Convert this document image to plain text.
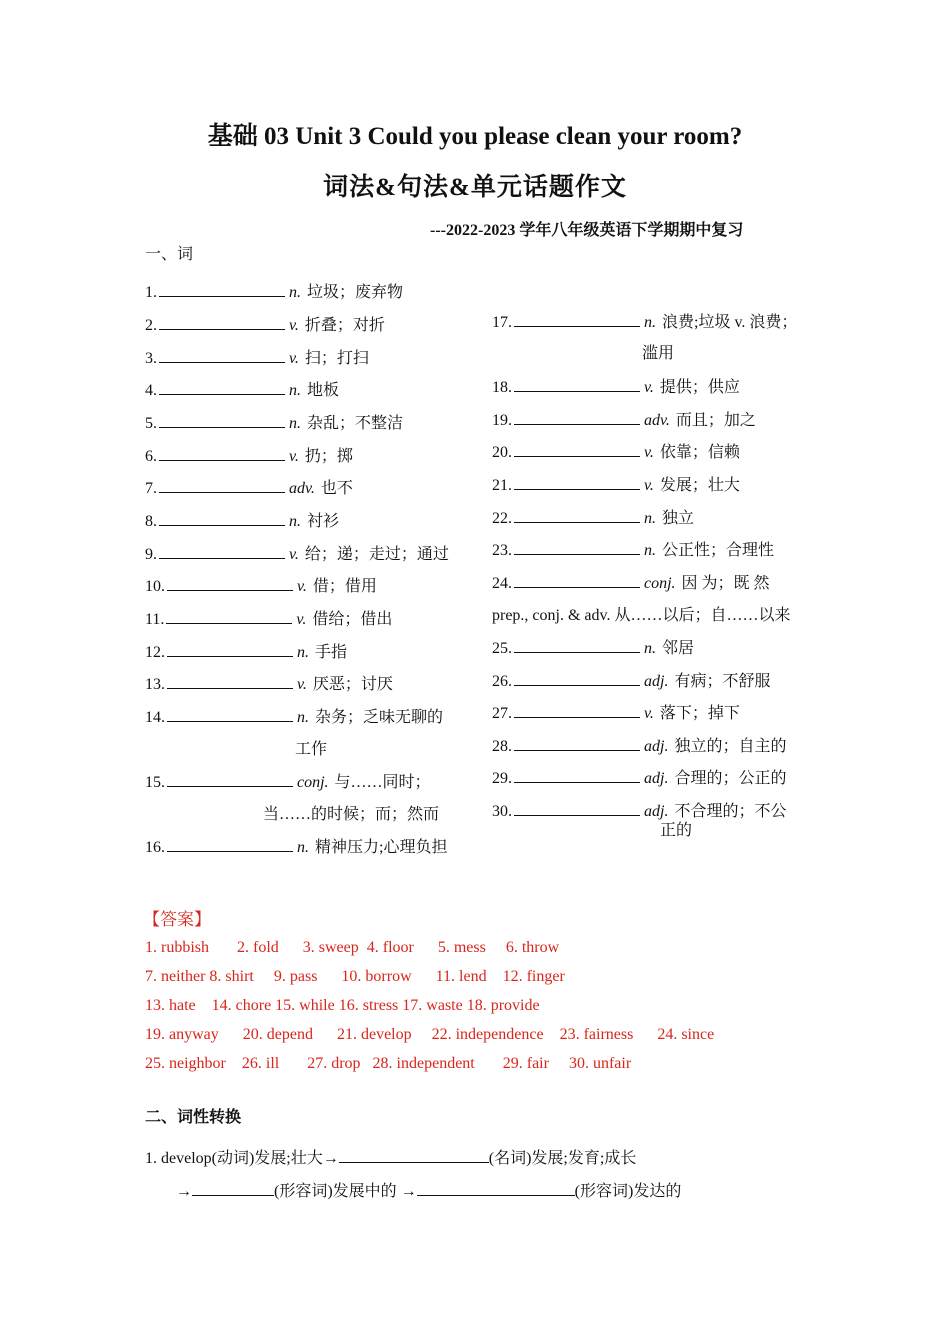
基础 03 Unit 3 Could you please clean your room?
词法&句法&单元话题作文
---2022-2023 学年八年级英语下学期期中复习
一、词
1.	n. 垃圾；废弃物
2.	v. 折叠；对折
3.	v. 扫；打扫
4.	n. 地板
5.	n. 杂乱；不整洁
6.	v. 扔；掷
7.	adv. 也不
8.	n. 衬衫
9.	v. 给；递；走过；通过
10.	v. 借；借用
11.	v. 借给；借出
12.	n. 手指
13.	v. 厌恶；讨厌
14.	n. 杂务；乏味无聊的
工作
15.	conj. 与……同时；
当……的时候；而；然而
16.	n. 精神压力;心理负担
17.	n. 浪费;垃圾 v. 浪费；
滥用
18.	v. 提供；供应
19.	adv. 而且；加之
20.	v. 依靠；信赖
21.	v. 发展；壮大
22.	n. 独立
23.	n. 公正性；合理性
24.	conj. 因 为；既 然
prep., conj. & adv. 从……以后；自……以来
25.	n. 邻居
26.	adj. 有病；不舒服
27.	v. 落下；掉下
28.	adj. 独立的；自主的
29.	adj. 合理的；公正的
30.	adj. 不合理的；不公
正的
【答案】
1. rubbish       2. fold      3. sweep  4. floor      5. mess     6. throw
7. neither 8. shirt     9. pass      10. borrow      11. lend    12. finger
13. hate    14. chore 15. while 16. stress 17. waste 18. provide
19. anyway      20. depend      21. develop     22. independence    23. fairness      24. since
25. neighbor    26. ill       27. drop   28. independent       29. fair     30. unfair
二、词性转换
1. develop(动词)发展;壮大→	(名词)发展;发育;成长
→	(形容词)发展中的 →	(形容词)发达的
